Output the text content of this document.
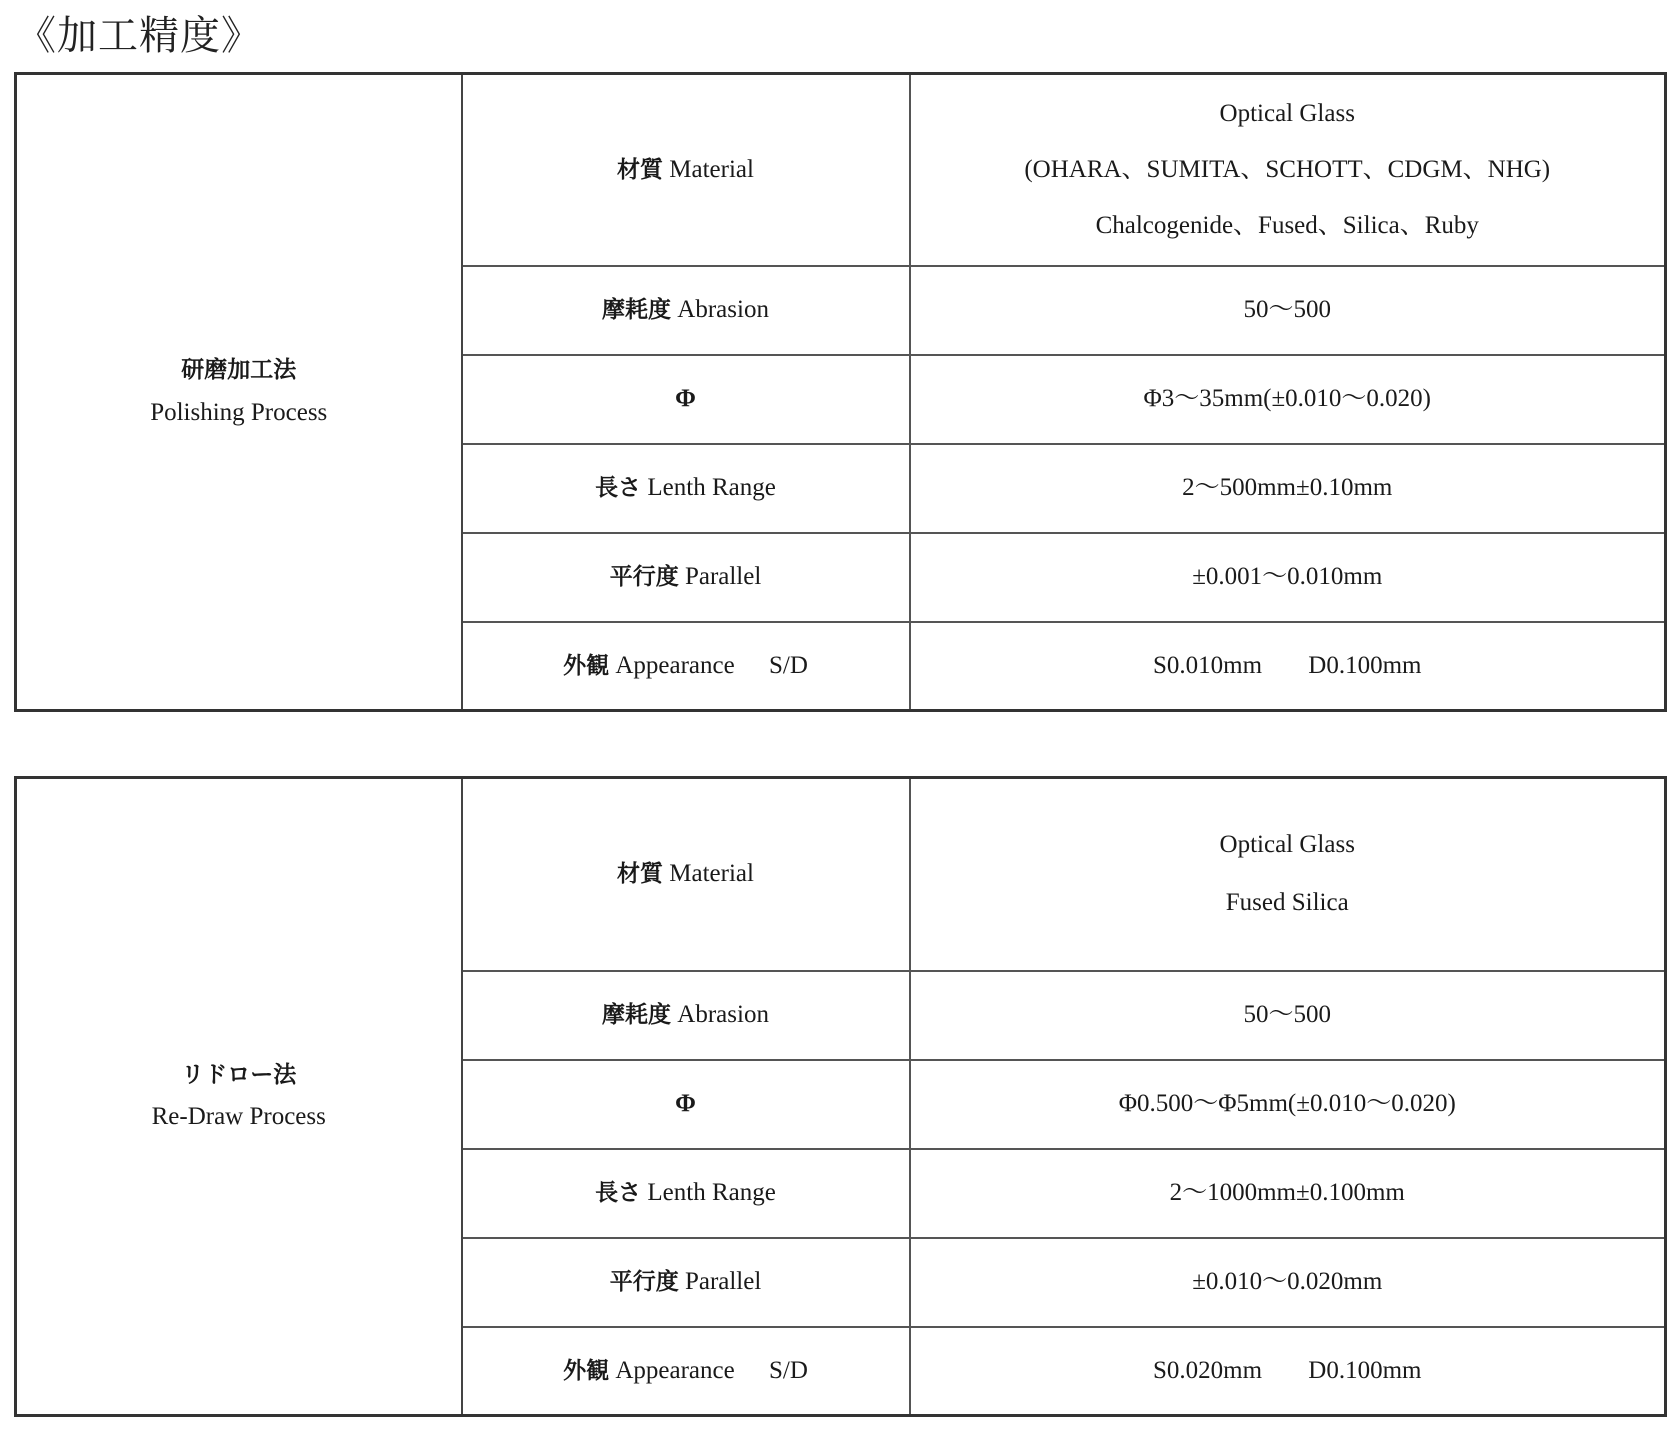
《加工精度》
研磨加工法
Polishing Process	材質 Material	Optical Glass
(OHARA、SUMITA、SCHOTT、CDGM、NHG)
Chalcogenide、Fused、Silica、Ruby

	摩耗度 Abrasion	50〜500
	Φ	Φ3〜35mm(±0.010〜0.020)
	長さ Lenth Range	2〜500mm±0.10mm
	平行度 Parallel	±0.001〜0.010mm
	外観 Appearance S/D	S0.010mm D0.100mm
リドロー法
Re-Draw Process	材質 Material	Optical Glass
Fused Silica

	摩耗度 Abrasion	50〜500
	Φ	Φ0.500〜Φ5mm(±0.010〜0.020)
	長さ Lenth Range	2〜1000mm±0.100mm
	平行度 Parallel	±0.010〜0.020mm
	外観 Appearance S/D	S0.020mm D0.100mm
